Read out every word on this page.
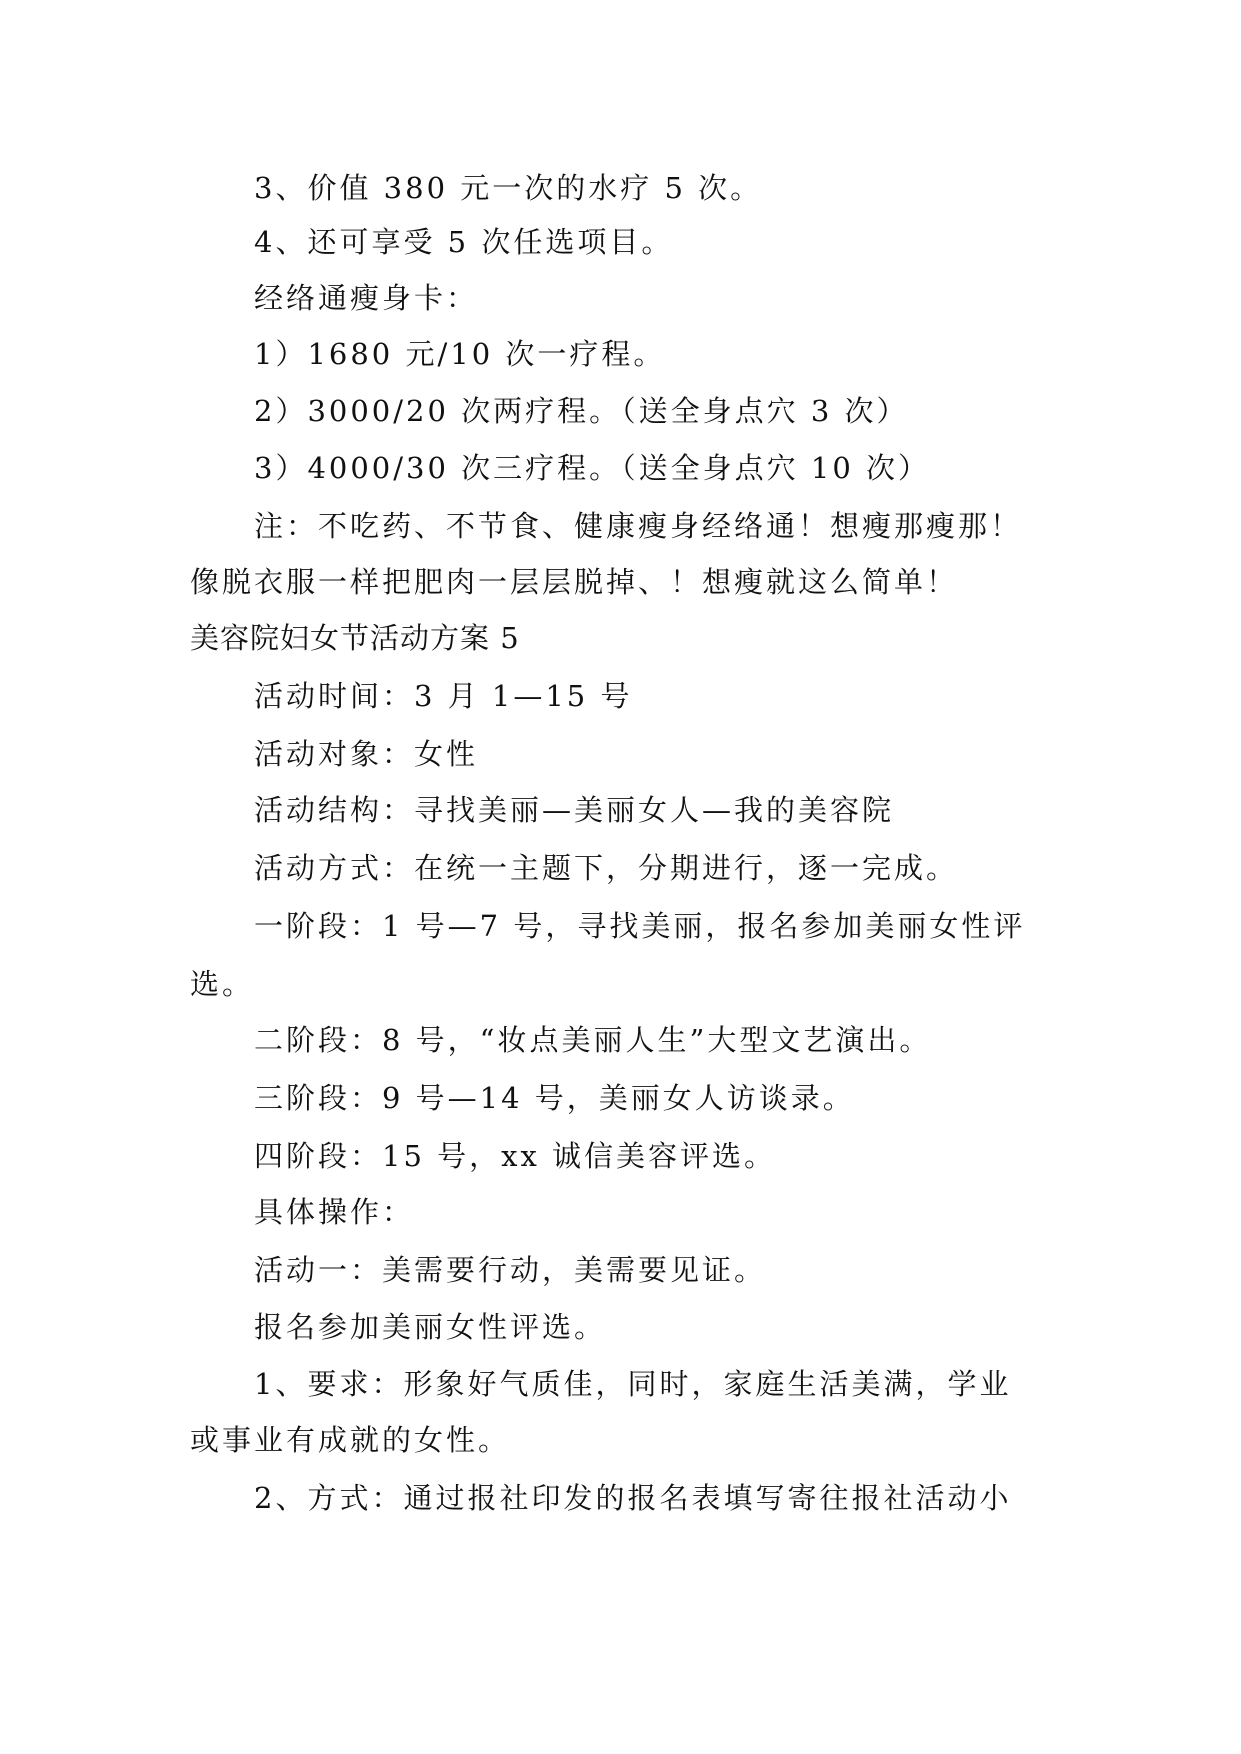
3、价值 380 元一次的水疗 5 次。

4、还可享受 5 次任选项目。

经络通瘦身卡：

1）1680 元/10 次一疗程。

2）3000/20 次两疗程。（送全身点穴 3 次）

3）4000/30 次三疗程。（送全身点穴 10 次）

注：不吃药、不节食、健康瘦身经络通！想瘦那瘦那！

像脱衣服一样把肥肉一层层脱掉、！想瘦就这么简单！

美容院妇女节活动方案 5

活动时间：3 月 1—15 号

活动对象：女性

活动结构：寻找美丽—美丽女人—我的美容院

活动方式：在统一主题下，分期进行，逐一完成。

一阶段：1 号—7 号，寻找美丽，报名参加美丽女性评

选。

二阶段：8 号，“妆点美丽人生”大型文艺演出。

三阶段：9 号—14 号，美丽女人访谈录。

四阶段：15 号，xx 诚信美容评选。

具体操作：

活动一：美需要行动，美需要见证。

报名参加美丽女性评选。

1、要求：形象好气质佳，同时，家庭生活美满，学业

或事业有成就的女性。

2、方式：通过报社印发的报名表填写寄往报社活动小
